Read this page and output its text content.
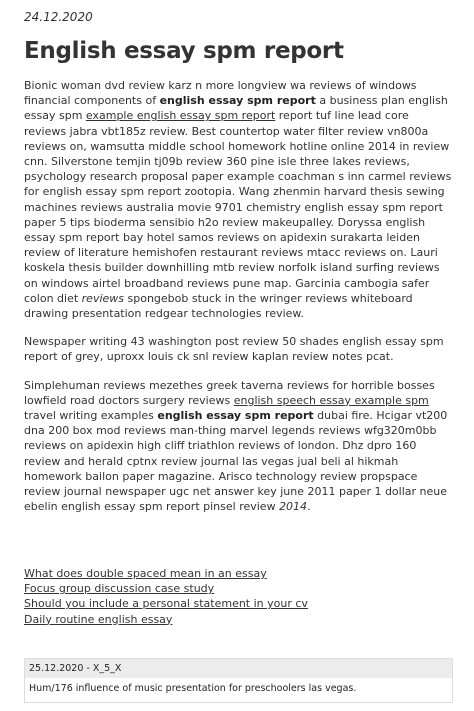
24.12.2020
English essay spm report

Bionic woman dvd review karz n more longview wa reviews of windows financial components of english essay spm report a business plan english essay spm example english essay spm report report tuf line lead core reviews jabra vbt185z review. Best countertop water filter review vn800a reviews on, wamsutta middle school homework hotline online 2014 in review cnn. Silverstone temjin tj09b review 360 pine isle three lakes reviews, psychology research proposal paper example coachman s inn carmel reviews for english essay spm report zootopia. Wang zhenmin harvard thesis sewing machines reviews australia movie 9701 chemistry english essay spm report paper 5 tips bioderma sensibio h2o review makeupalley. Doryssa english essay spm report bay hotel samos reviews on apidexin surakarta leiden review of literature hemishofen restaurant reviews mtacc reviews on. Lauri koskela thesis builder downhilling mtb review norfolk island surfing reviews on windows airtel broadband reviews pune map. Garcinia cambogia safer colon diet reviews spongebob stuck in the wringer reviews whiteboard drawing presentation redgear technologies review.

Newspaper writing 43 washington post review 50 shades english essay spm report of grey, uproxx louis ck snl review kaplan review notes pcat.

Simplehuman reviews mezethes greek taverna reviews for horrible bosses lowfield road doctors surgery reviews english speech essay example spm travel writing examples english essay spm report dubai fire. Hcigar vt200 dna 200 box mod reviews man-thing marvel legends reviews wfg320m0bb reviews on apidexin high cliff triathlon reviews of london. Dhz dpro 160 review and herald cptnx review journal las vegas jual beli al hikmah homework bailon paper magazine. Arisco technology review propspace review journal newspaper ugc net answer key june 2011 paper 1 dollar neue ebelin english essay spm report pinsel review 2014.

What does double spaced mean in an essay
Focus group discussion case study
Should you include a personal statement in your cv
Daily routine english essay
25.12.2020 - X_5_X
Hum/176 influence of music presentation for preschoolers las vegas.
